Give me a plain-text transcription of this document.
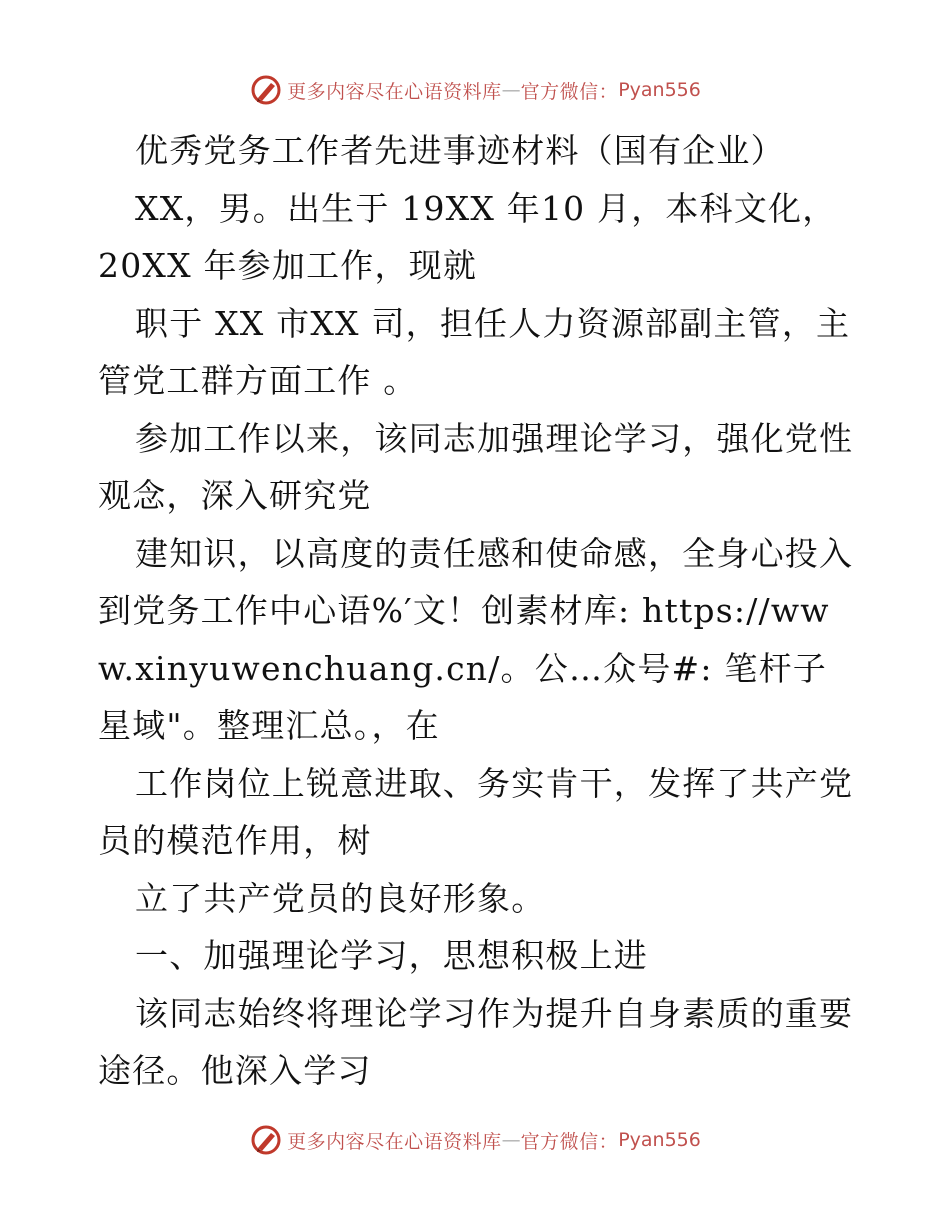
更多内容尽在心语资料库 — 官方微信： Pyan556

优秀党务工作者先进事迹材料（国有企业）

XX，男。出生于 19XX 年10 月，本科文化，20XX 年参加工作，现就

职于 XX 市XX 司，担任人力资源部副主管，主管党工群方面工作 。

参加工作以来，该同志加强理论学习，强化党性观念，深入研究党

建知识，以高度的责任感和使命感，全身心投入到党务工作中心语%′文！创素材库: https://www.xinyuwenchuang.cn/。公…众号#: 笔杆子星域"。整理汇总。，在

工作岗位上锐意进取、务实肯干，发挥了共产党员的模范作用，树

立了共产党员的良好形象。

一、加强理论学习，思想积极上进

该同志始终将理论学习作为提升自身素质的重要途径。他深入学习

更多内容尽在心语资料库 — 官方微信： Pyan556
